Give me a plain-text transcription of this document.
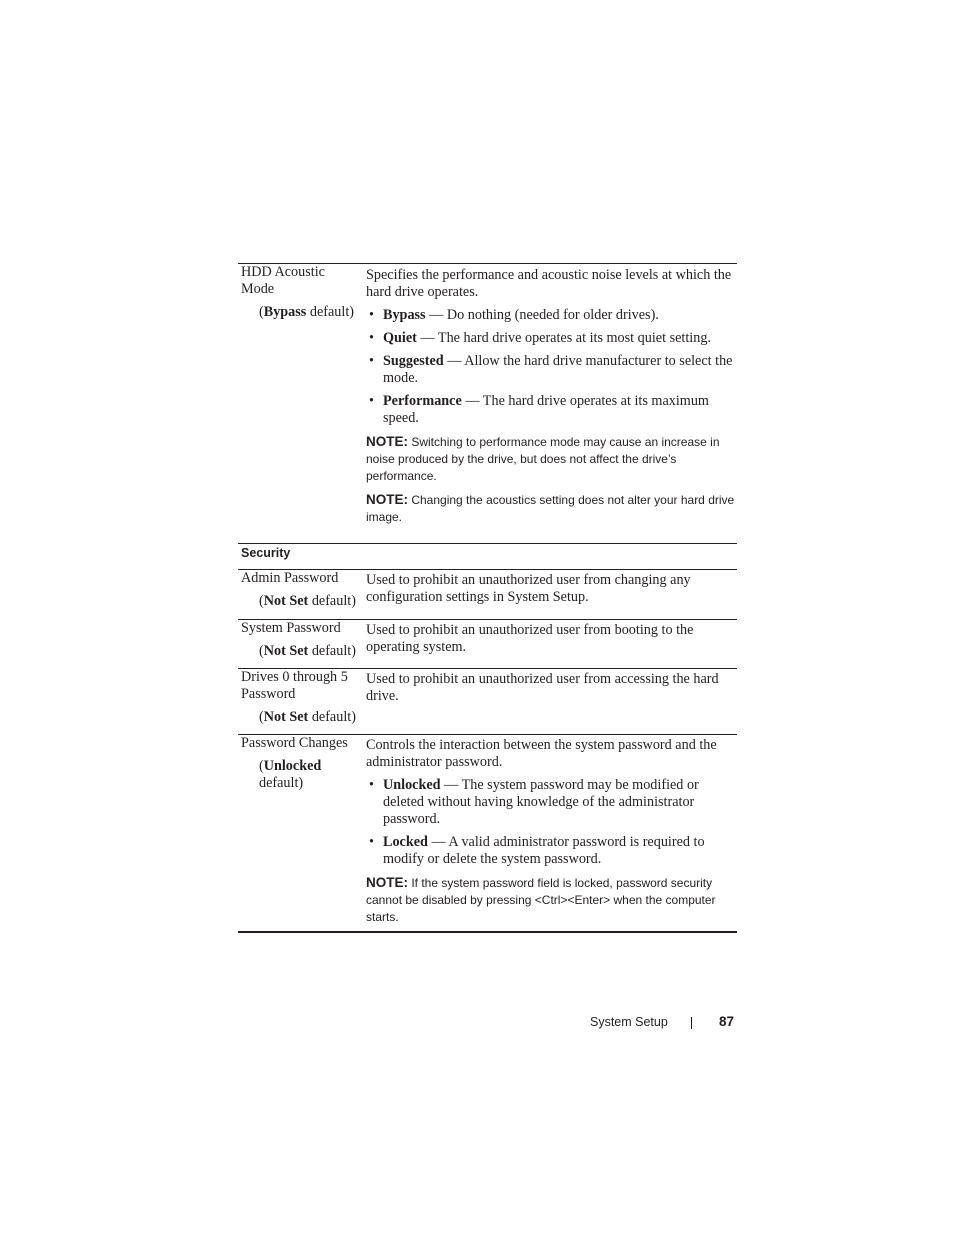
HDD Acoustic Mode
(Bypass default)
Specifies the performance and acoustic noise levels at which the hard drive operates.
• Bypass — Do nothing (needed for older drives).
• Quiet — The hard drive operates at its most quiet setting.
• Suggested — Allow the hard drive manufacturer to select the mode.
• Performance — The hard drive operates at its maximum speed.
NOTE: Switching to performance mode may cause an increase in noise produced by the drive, but does not affect the drive’s performance.
NOTE: Changing the acoustics setting does not alter your hard drive image.
Security
Admin Password
(Not Set default)
Used to prohibit an unauthorized user from changing any configuration settings in System Setup.
System Password
(Not Set default)
Used to prohibit an unauthorized user from booting to the operating system.
Drives 0 through 5 Password
(Not Set default)
Used to prohibit an unauthorized user from accessing the hard drive.
Password Changes
(Unlocked default)
Controls the interaction between the system password and the administrator password.
• Unlocked — The system password may be modified or deleted without having knowledge of the administrator password.
• Locked — A valid administrator password is required to modify or delete the system password.
NOTE: If the system password field is locked, password security cannot be disabled by pressing <Ctrl><Enter> when the computer starts.
System Setup	87
